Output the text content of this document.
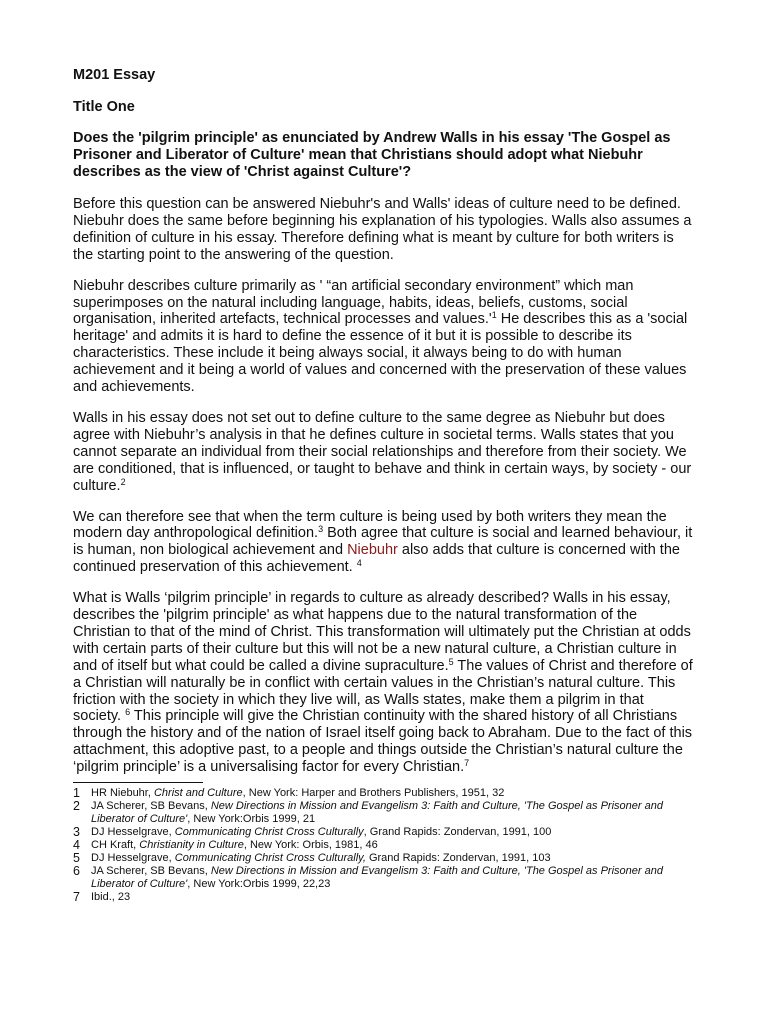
M201 Essay

Title One

Does the 'pilgrim principle' as enunciated by Andrew Walls in his essay 'The Gospel as Prisoner and Liberator of Culture' mean that Christians should adopt what Niebuhr describes as the view of 'Christ against Culture'?

Before this question can be answered Niebuhr's and Walls' ideas of culture need to be defined. Niebuhr does the same before beginning his explanation of his typologies. Walls also assumes a definition of culture in his essay. Therefore defining what is meant by culture for both writers is the starting point to the answering of the question.

Niebuhr describes culture primarily as ' “an artificial secondary environment” which man superimposes on the natural including language, habits, ideas, beliefs, customs, social organisation, inherited artefacts, technical processes and $values.'^1$ He describes this as a 'social heritage' and admits it is hard to define the essence of it but it is possible to describe its characteristics. These include it being always social, it always being to do with human achievement and it being a world of values and concerned with the preservation of these values and achievements.

Walls in his essay does not set out to define culture to the same degree as Niebuhr but does agree with Niebuhr’s analysis in that he defines culture in societal terms. Walls states that you cannot separate an individual from their social relationships and therefore from their society. We are conditioned, that is influenced, or taught to behave and think in certain ways, by society - our culture.$^2$

We can therefore see that when the term culture is being used by both writers they mean the modern day anthropological definition.$^3$ Both agree that culture is social and learned behaviour, it is human, non biological achievement and Niebuhr also adds that culture is concerned with the continued preservation of this achievement. $^4$

What is Walls ‘pilgrim principle’ in regards to culture as already described? Walls in his essay, describes the 'pilgrim principle' as what happens due to the natural transformation of the Christian to that of the mind of Christ. This transformation will ultimately put the Christian at odds with certain parts of their culture but this will not be a new natural culture, a Christian culture in and of itself but what could be called a divine supraculture.$^5$ The values of Christ and therefore of a Christian will naturally be in conflict with certain values in the Christian’s natural culture. This friction with the society in which they live will, as Walls states, make them a pilgrim in that society. $^6$ This principle will give the Christian continuity with the shared history of all Christians through the history and of the nation of Israel itself going back to Abraham. Due to the fact of this attachment, this adoptive past, to a people and things outside the Christian’s natural culture the ‘pilgrim principle’ is a universalising factor for every Christian.$^7$

1	HR Niebuhr, Christ and Culture, New York: Harper and Brothers Publishers, 1951, 32
2	JA Scherer, SB Bevans, New Directions in Mission and Evangelism 3: Faith and Culture, 'The Gospel as Prisoner and Liberator of Culture', New York:Orbis 1999, 21
3	DJ Hesselgrave, Communicating Christ Cross Culturally, Grand Rapids: Zondervan, 1991, 100
4	CH Kraft, Christianity in Culture, New York: Orbis, 1981, 46
5	DJ Hesselgrave, Communicating Christ Cross Culturally, Grand Rapids: Zondervan, 1991, 103
6	JA Scherer, SB Bevans, New Directions in Mission and Evangelism 3: Faith and Culture, 'The Gospel as Prisoner and Liberator of Culture', New York:Orbis 1999, 22,23
7	Ibid., 23
